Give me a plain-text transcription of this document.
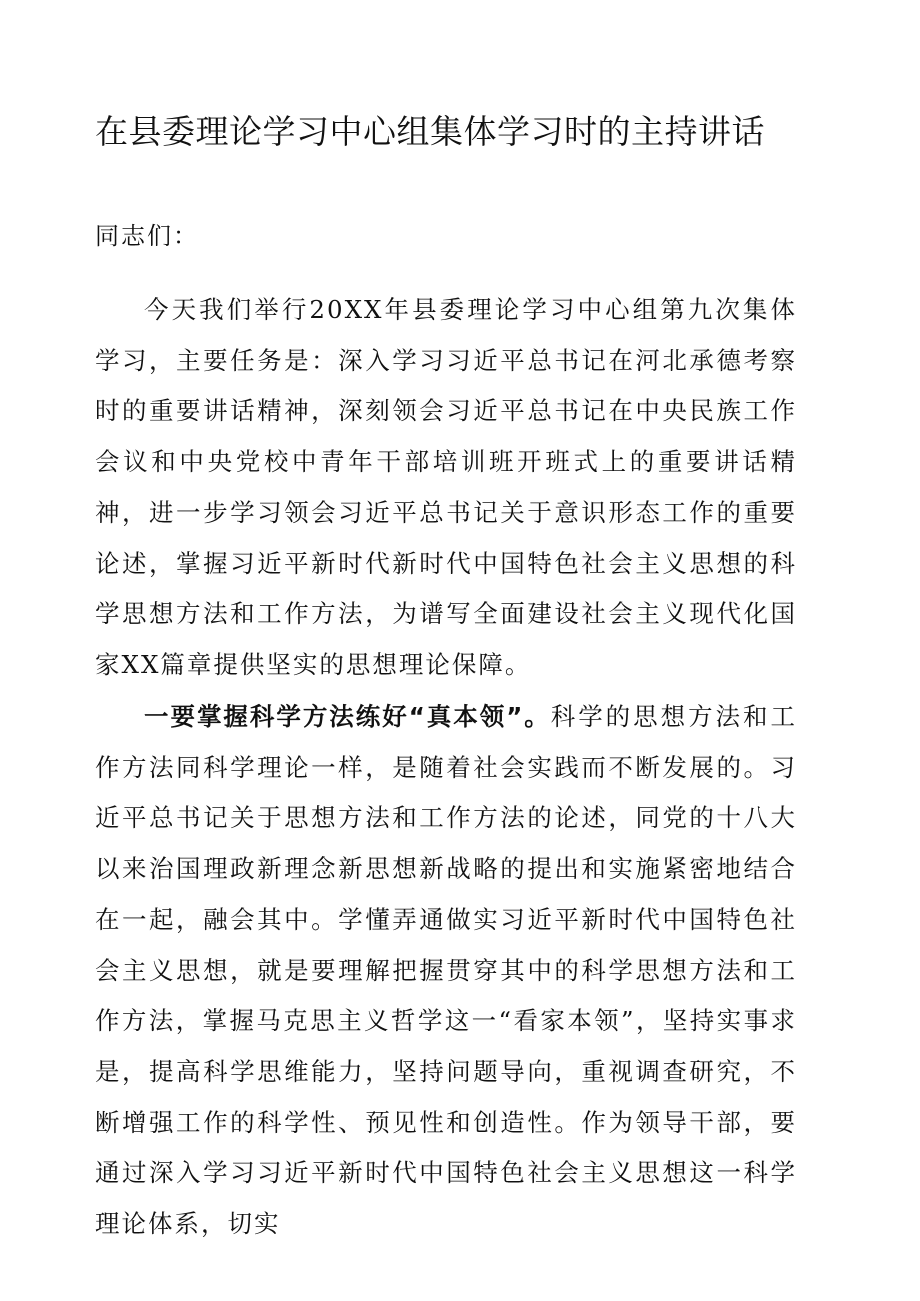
在县委理论学习中心组集体学习时的主持讲话

同志们：

今天我们举行20XX年县委理论学习中心组第九次集体学习，主要任务是：深入学习习近平总书记在河北承德考察时的重要讲话精神，深刻领会习近平总书记在中央民族工作会议和中央党校中青年干部培训班开班式上的重要讲话精神，进一步学习领会习近平总书记关于意识形态工作的重要论述，掌握习近平新时代新时代中国特色社会主义思想的科学思想方法和工作方法，为谱写全面建设社会主义现代化国家XX篇章提供坚实的思想理论保障。

一要掌握科学方法练好“真本领”。科学的思想方法和工作方法同科学理论一样，是随着社会实践而不断发展的。习近平总书记关于思想方法和工作方法的论述，同党的十八大以来治国理政新理念新思想新战略的提出和实施紧密地结合在一起，融会其中。学懂弄通做实习近平新时代中国特色社会主义思想，就是要理解把握贯穿其中的科学思想方法和工作方法，掌握马克思主义哲学这一“看家本领”，坚持实事求是，提高科学思维能力，坚持问题导向，重视调查研究，不断增强工作的科学性、预见性和创造性。作为领导干部，要通过深入学习习近平新时代中国特色社会主义思想这一科学理论体系，切实
